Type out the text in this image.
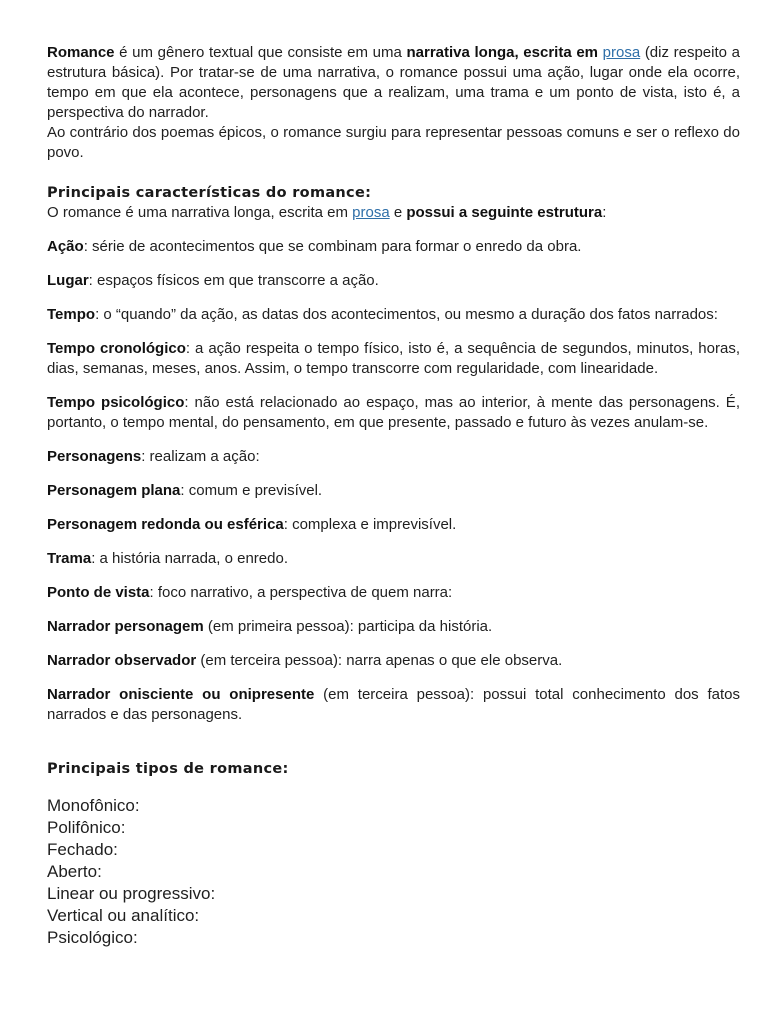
Romance é um gênero textual que consiste em uma narrativa longa, escrita em prosa (diz respeito a estrutura básica). Por tratar-se de uma narrativa, o romance possui uma ação, lugar onde ela ocorre, tempo em que ela acontece, personagens que a realizam, uma trama e um ponto de vista, isto é, a perspectiva do narrador.

Ao contrário dos poemas épicos, o romance surgiu para representar pessoas comuns e ser o reflexo do povo.

Principais características do romance:

O romance é uma narrativa longa, escrita em prosa e possui a seguinte estrutura:

Ação: série de acontecimentos que se combinam para formar o enredo da obra.

Lugar: espaços físicos em que transcorre a ação.

Tempo: o “quando” da ação, as datas dos acontecimentos, ou mesmo a duração dos fatos narrados:

Tempo cronológico: a ação respeita o tempo físico, isto é, a sequência de segundos, minutos, horas, dias, semanas, meses, anos. Assim, o tempo transcorre com regularidade, com linearidade.

Tempo psicológico: não está relacionado ao espaço, mas ao interior, à mente das personagens. É, portanto, o tempo mental, do pensamento, em que presente, passado e futuro às vezes anulam-se.

Personagens: realizam a ação:

Personagem plana: comum e previsível.

Personagem redonda ou esférica: complexa e imprevisível.

Trama: a história narrada, o enredo.

Ponto de vista: foco narrativo, a perspectiva de quem narra:

Narrador personagem (em primeira pessoa): participa da história.

Narrador observador (em terceira pessoa): narra apenas o que ele observa.

Narrador onisciente ou onipresente (em terceira pessoa): possui total conhecimento dos fatos narrados e das personagens.

Principais tipos de romance:
Monofônico:
Polifônico:
Fechado:
Aberto:
Linear ou progressivo:
Vertical ou analítico:
Psicológico:
